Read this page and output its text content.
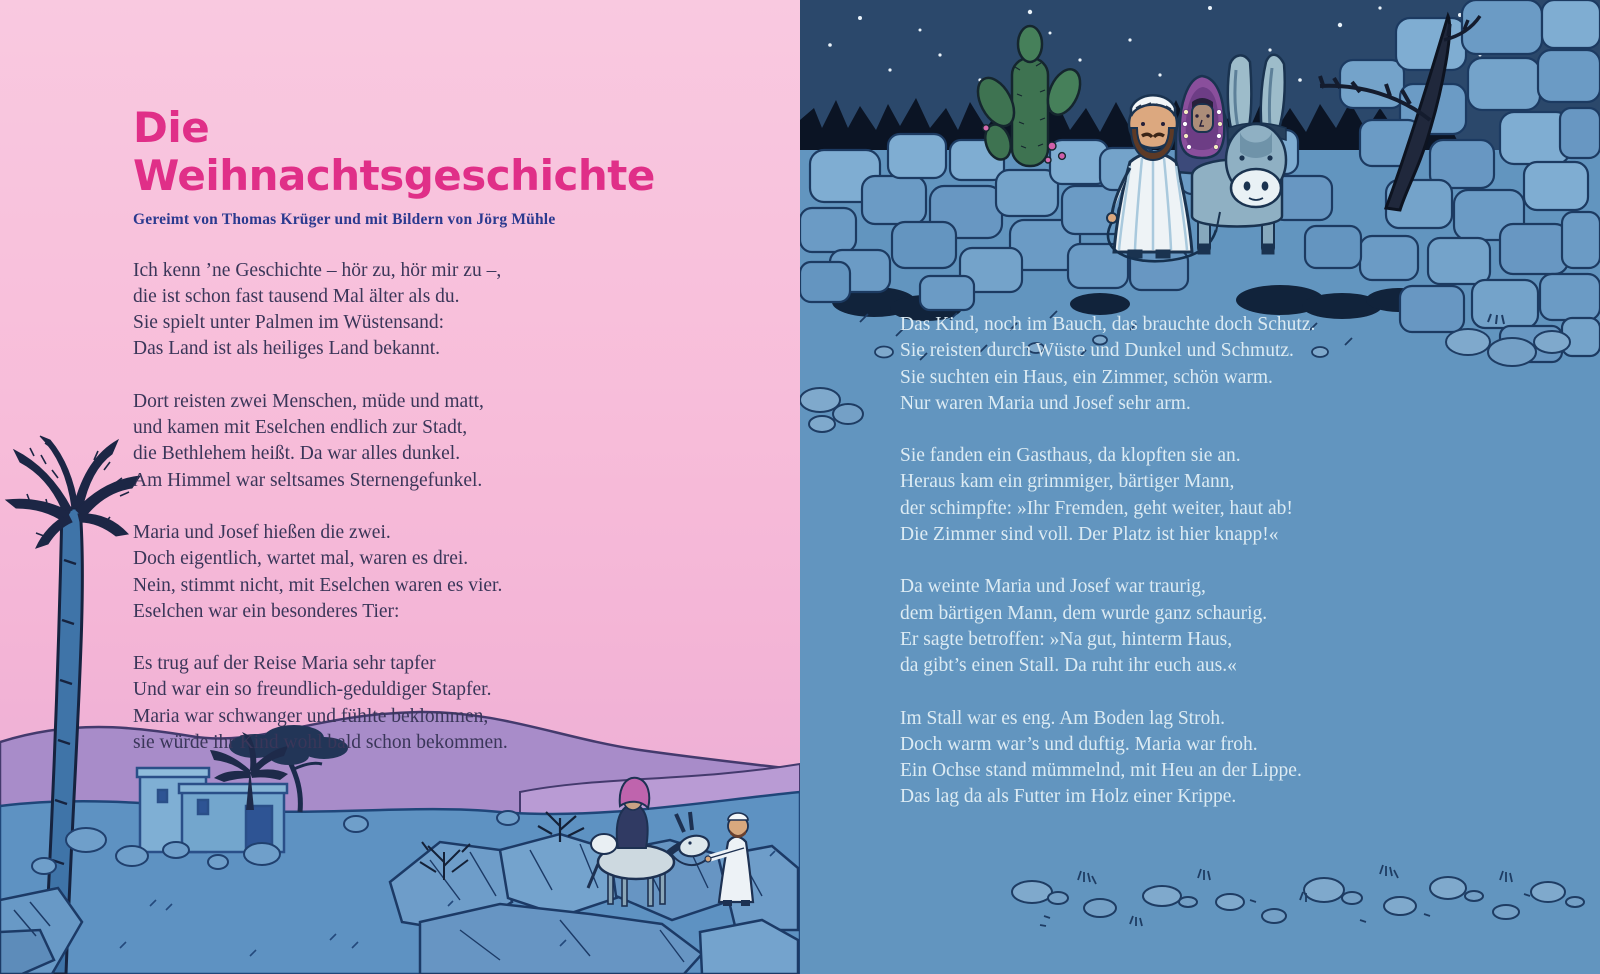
Die Weihnachtsgeschichte
Gereimt von Thomas Krüger und mit Bildern von Jörg Mühle
Ich kenn ’ne Geschichte – hör zu, hör mir zu –,
die ist schon fast tausend Mal älter als du.
Sie spielt unter Palmen im Wüstensand:
Das Land ist als heiliges Land bekannt.
Dort reisten zwei Menschen, müde und matt,
und kamen mit Eselchen endlich zur Stadt,
die Bethlehem heißt. Da war alles dunkel.
Am Himmel war seltsames Sternengefunkel.
Maria und Josef hießen die zwei.
Doch eigentlich, wartet mal, waren es drei.
Nein, stimmt nicht, mit Eselchen waren es vier.
Eselchen war ein besonderes Tier:
Es trug auf der Reise Maria sehr tapfer
Und war ein so freundlich-geduldiger Stapfer.
Maria war schwanger und fühlte beklommen,
sie würde ihr Kind wohl bald schon bekommen.
Das Kind, noch im Bauch, das brauchte doch Schutz.
Sie reisten durch Wüste und Dunkel und Schmutz.
Sie suchten ein Haus, ein Zimmer, schön warm.
Nur waren Maria und Josef sehr arm.
Sie fanden ein Gasthaus, da klopften sie an.
Heraus kam ein grimmiger, bärtiger Mann,
der schimpfte: »Ihr Fremden, geht weiter, haut ab!
Die Zimmer sind voll. Der Platz ist hier knapp!«
Da weinte Maria und Josef war traurig,
dem bärtigen Mann, dem wurde ganz schaurig.
Er sagte betroffen: »Na gut, hinterm Haus,
da gibt’s einen Stall. Da ruht ihr euch aus.«
Im Stall war es eng. Am Boden lag Stroh.
Doch warm war’s und duftig. Maria war froh.
Ein Ochse stand mümmelnd, mit Heu an der Lippe.
Das lag da als Futter im Holz einer Krippe.
